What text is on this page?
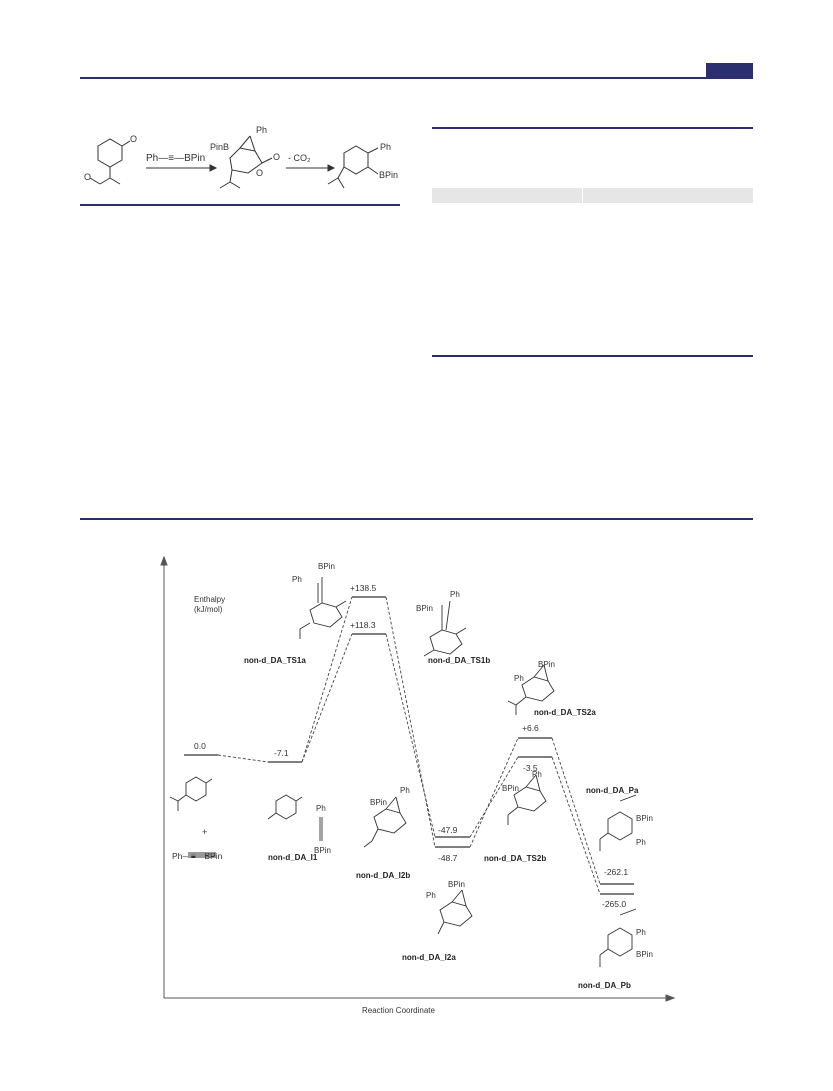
O
O
Ph—≡—BPin
PinB
Ph
O
O
- CO₂
Ph
BPin
Enthalpy
(kJ/mol)
Reaction Coordinate
0.0
-7.1
+138.5
+118.3
-47.9
-48.7
+6.6
-3.5
-262.1
-265.0
+
Ph—≡—BPin
Ph
BPin
BPin
Ph
BPin
Ph
BPin
Ph
Ph
BPin
Ph
BPin
BPin
Ph
BPin
Ph
Ph
BPin
non-d_DA_TS1a	non-d_DA_TS1b
non-d_DA_I1
non-d_DA_I2b
non-d_DA_I2a
non-d_DA_TS2a
non-d_DA_TS2b
non-d_DA_Pa
non-d_DA_Pb
